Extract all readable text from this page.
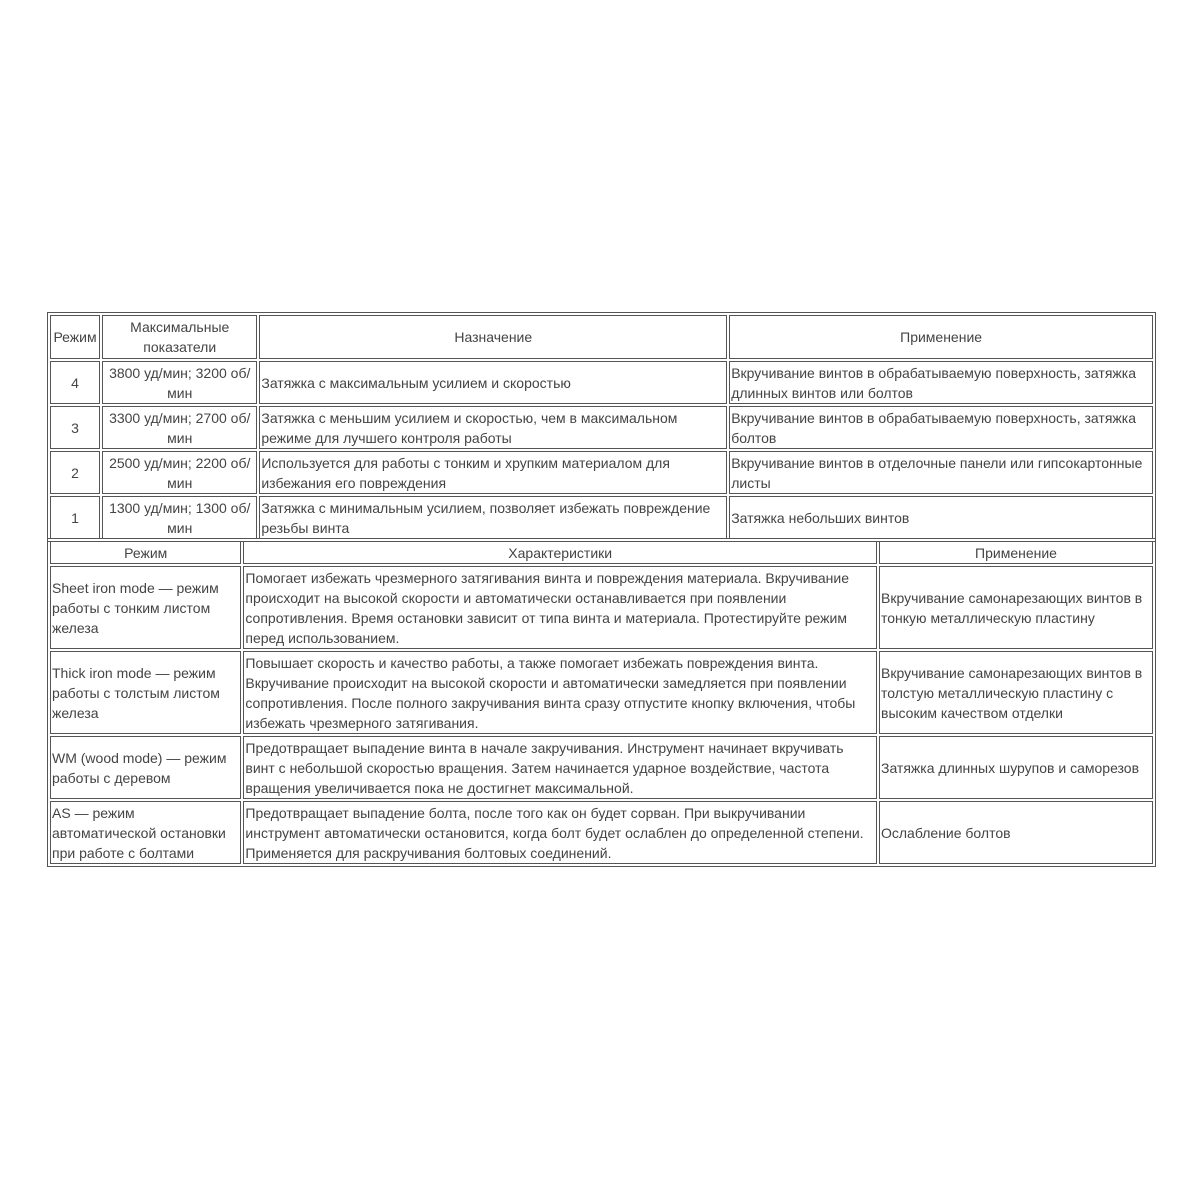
Режим	Максимальные показатели	Назначение	Применение
4	3800 уд/мин; 3200 об/мин	Затяжка с максимальным усилием и скоростью	Вкручивание винтов в обрабатываемую поверхность, затяжка длинных винтов или болтов
3	3300 уд/мин; 2700 об/мин	Затяжка с меньшим усилием и скоростью, чем в максимальном режиме для лучшего контроля работы	Вкручивание винтов в обрабатываемую поверхность, затяжка болтов
2	2500 уд/мин; 2200 об/мин	Используется для работы с тонким и хрупким материалом для избежания его повреждения	Вкручивание винтов в отделочные панели или гипсокартонные листы
1	1300 уд/мин; 1300 об/мин	Затяжка с минимальным усилием, позволяет избежать повреждение резьбы винта	Затяжка небольших винтов
Режим	Характеристики	Применение
Sheet iron mode — режим работы с тонким листом железа	Помогает избежать чрезмерного затягивания винта и повреждения материала. Вкручивание происходит на высокой скорости и автоматически останавливается при появлении сопротивления. Время остановки зависит от типа винта и материала. Протестируйте режим перед использованием.	Вкручивание самонарезающих винтов в тонкую металлическую пластину
Thick iron mode — режим работы с толстым листом железа	Повышает скорость и качество работы, а также помогает избежать повреждения винта. Вкручивание происходит на высокой скорости и автоматически замедляется при появлении сопротивления. После полного закручивания винта сразу отпустите кнопку включения, чтобы избежать чрезмерного затягивания.	Вкручивание самонарезающих винтов в толстую металлическую пластину с высоким качеством отделки
WM (wood mode) — режим работы с деревом	Предотвращает выпадение винта в начале закручивания. Инструмент начинает вкручивать винт с небольшой скоростью вращения. Затем начинается ударное воздействие, частота вращения увеличивается пока не достигнет максимальной.	Затяжка длинных шурупов и саморезов
AS — режим автоматической остановки при работе с болтами	Предотвращает выпадение болта, после того как он будет сорван. При выкручивании инструмент автоматически остановится, когда болт будет ослаблен до определенной степени. Применяется для раскручивания болтовых соединений.	Ослабление болтов
